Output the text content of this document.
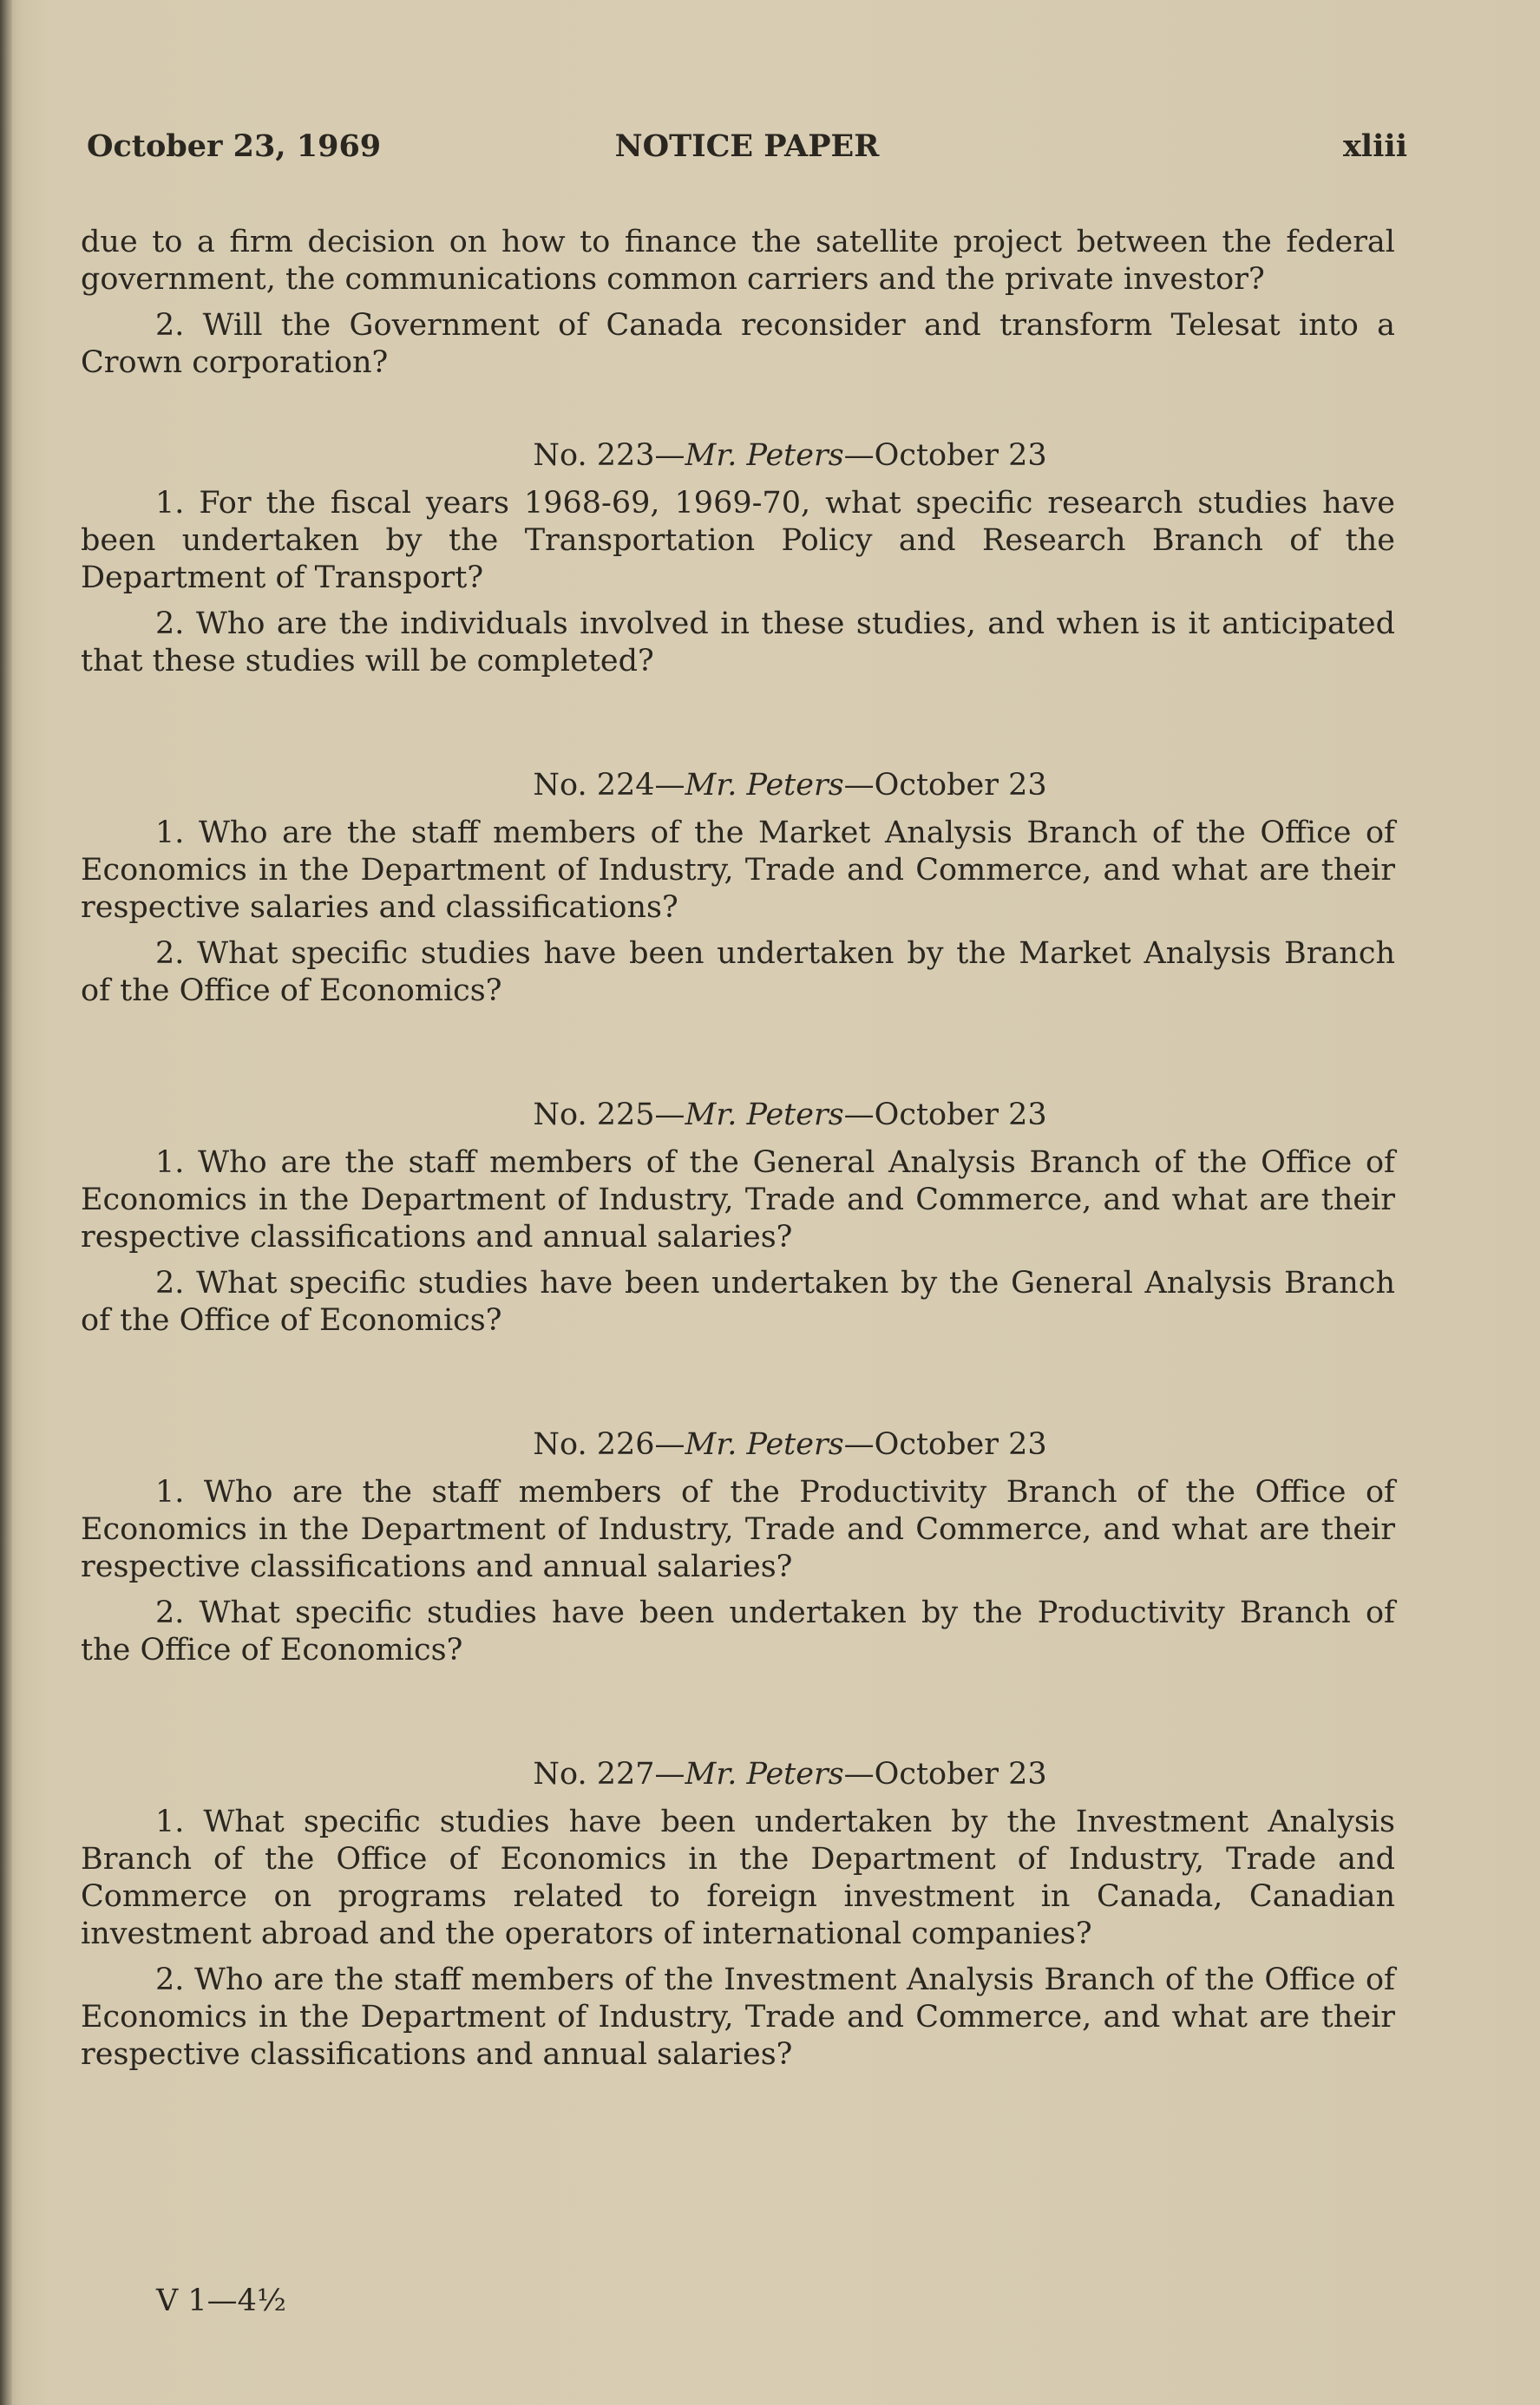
October 23, 1969	NOTICE PAPER	xliii

due to a firm decision on how to finance the satellite project between the federal government, the communications common carriers and the private investor?

2. Will the Government of Canada reconsider and transform Telesat into a Crown corporation?

No. 223—Mr. Peters—October 23

1. For the fiscal years 1968-69, 1969-70, what specific research studies have been undertaken by the Transportation Policy and Research Branch of the Department of Transport?

2. Who are the individuals involved in these studies, and when is it anticipated that these studies will be completed?

No. 224—Mr. Peters—October 23

1. Who are the staff members of the Market Analysis Branch of the Office of Economics in the Department of Industry, Trade and Commerce, and what are their respective salaries and classifications?

2. What specific studies have been undertaken by the Market Analysis Branch of the Office of Economics?

No. 225—Mr. Peters—October 23

1. Who are the staff members of the General Analysis Branch of the Office of Economics in the Department of Industry, Trade and Commerce, and what are their respective classifications and annual salaries?

2. What specific studies have been undertaken by the General Analysis Branch of the Office of Economics?

No. 226—Mr. Peters—October 23

1. Who are the staff members of the Productivity Branch of the Office of Economics in the Department of Industry, Trade and Commerce, and what are their respective classifications and annual salaries?

2. What specific studies have been undertaken by the Productivity Branch of the Office of Economics?

No. 227—Mr. Peters—October 23

1. What specific studies have been undertaken by the Investment Analysis Branch of the Office of Economics in the Department of Industry, Trade and Commerce on programs related to foreign investment in Canada, Canadian investment abroad and the operators of international companies?

2. Who are the staff members of the Investment Analysis Branch of the Office of Economics in the Department of Industry, Trade and Commerce, and what are their respective classifications and annual salaries?

V 1—4½
